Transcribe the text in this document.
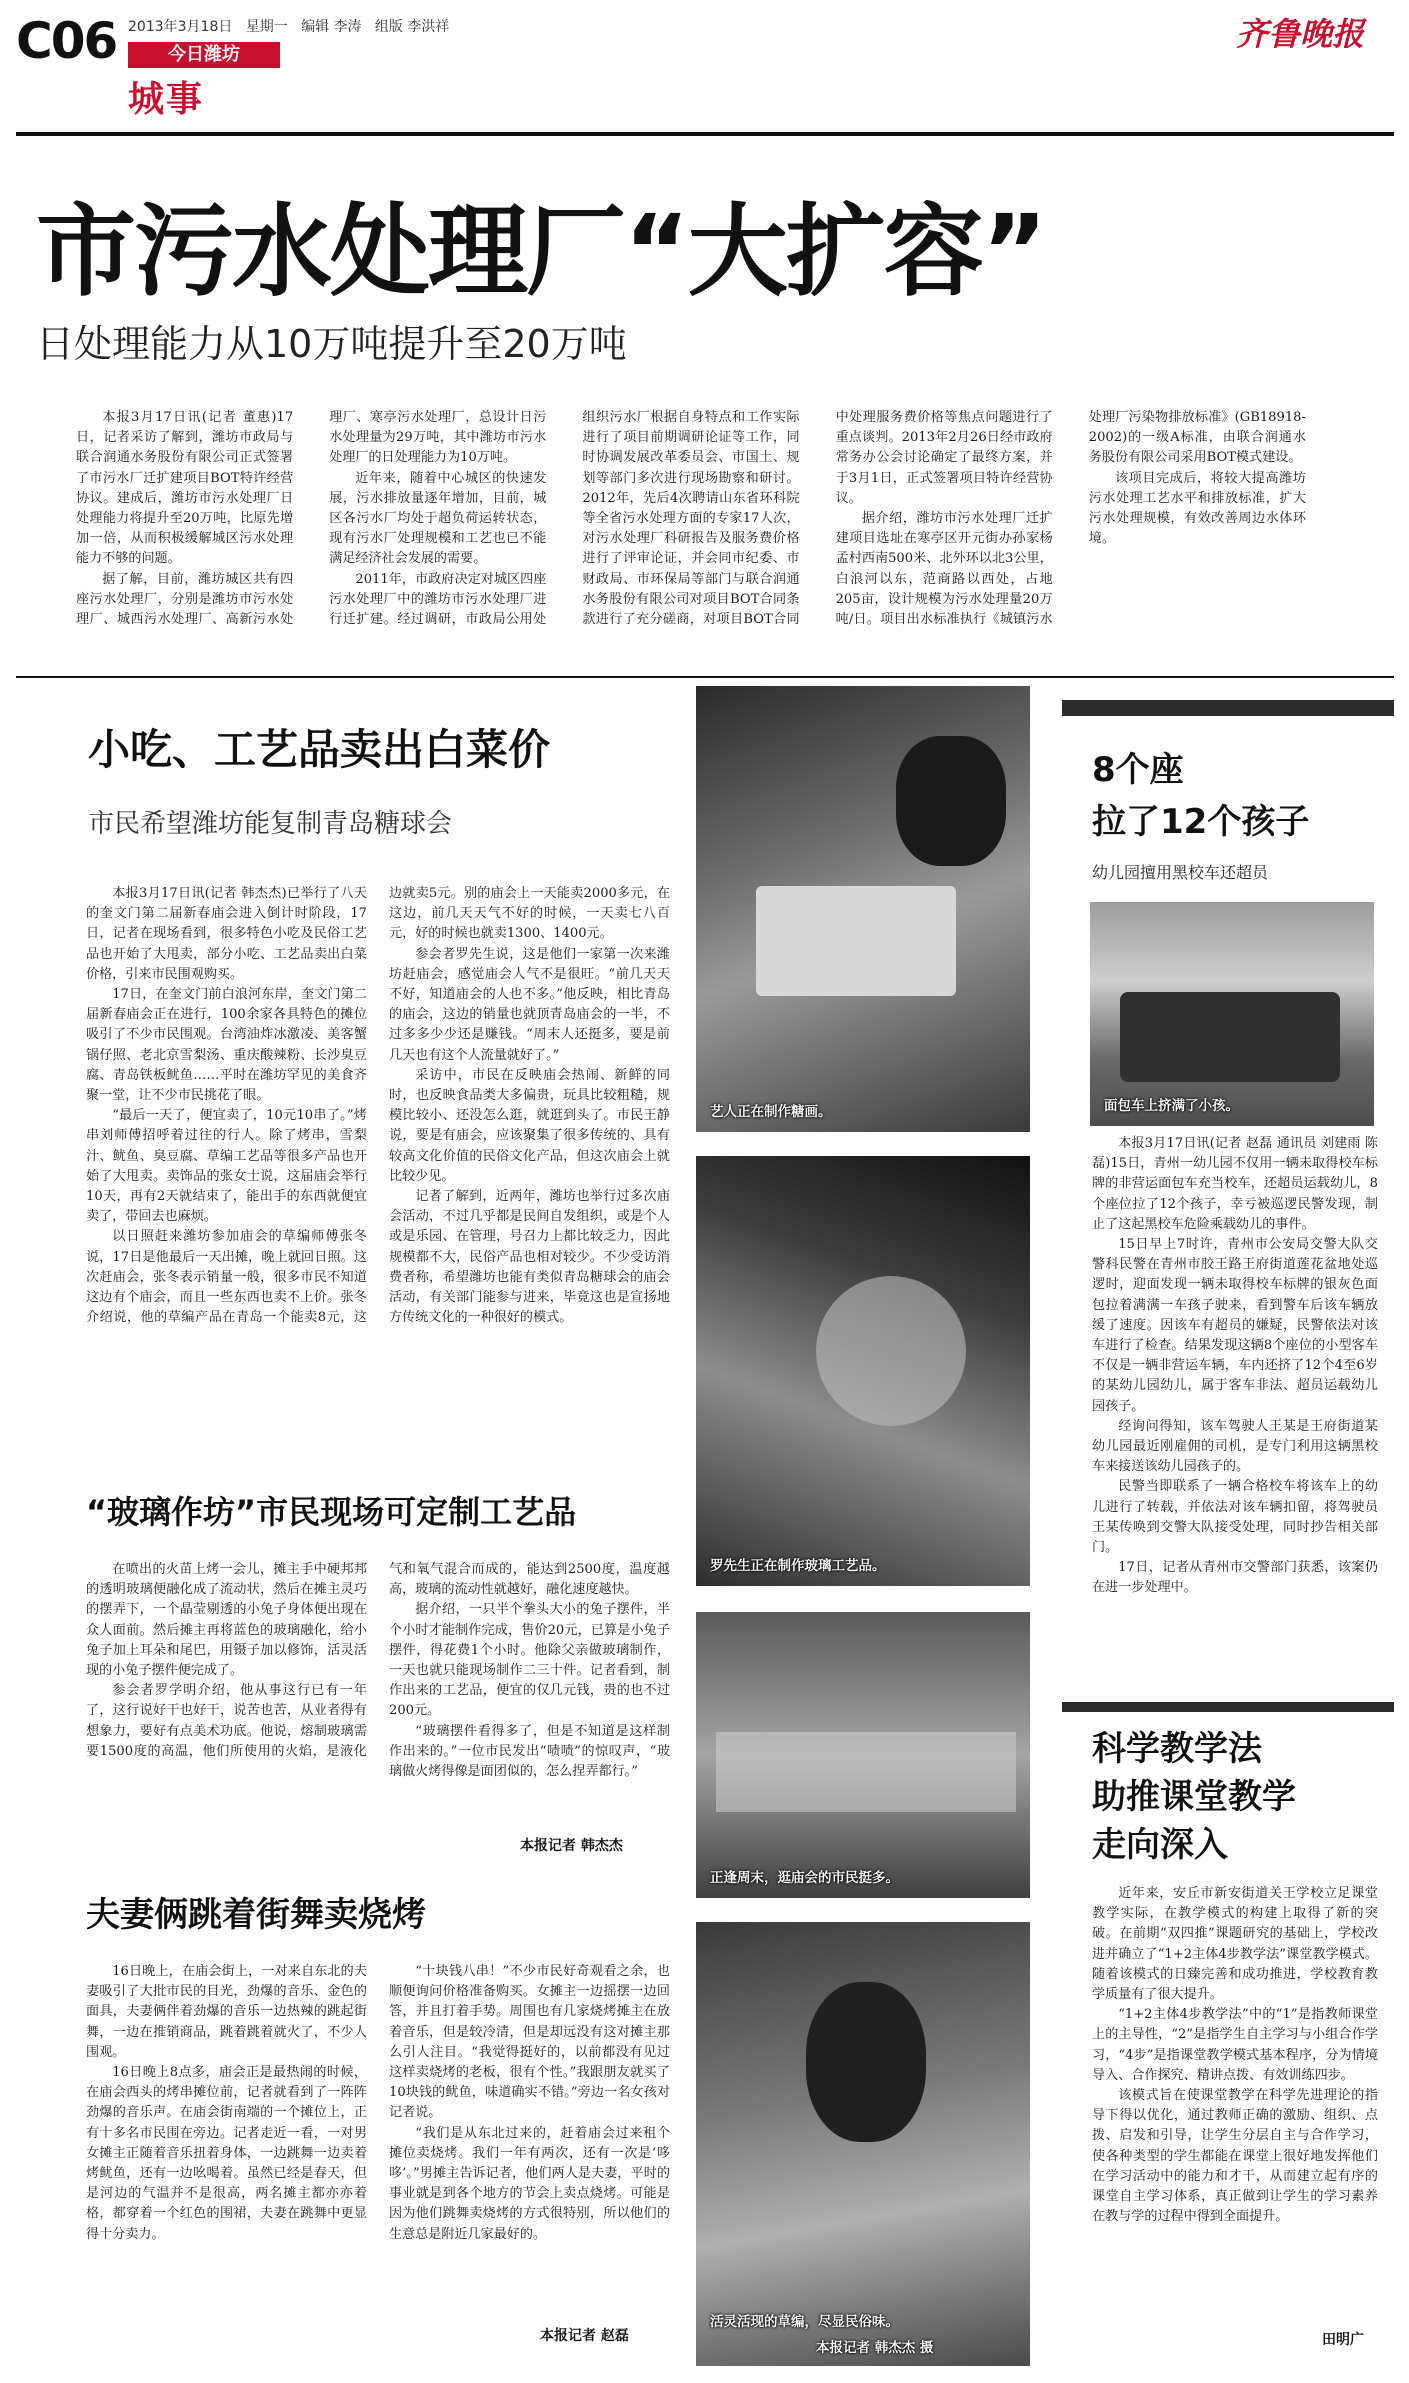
C06 2013年3月18日 星期一 编辑 李涛 组版 李洪祥
今日潍坊
城事
齐鲁晚报
市污水处理厂“大扩容”
日处理能力从10万吨提升至20万吨

本报3月17日讯(记者 董惠)17日，记者采访了解到，潍坊市政局与联合润通水务股份有限公司正式签署了市污水厂迁扩建项目BOT特许经营协议。建成后，潍坊市污水处理厂日处理能力将提升至20万吨，比原先增加一倍，从而积极缓解城区污水处理能力不够的问题。

据了解，目前，潍坊城区共有四座污水处理厂，分别是潍坊市污水处理厂、城西污水处理厂、高新污水处理厂、寒亭污水处理厂，总设计日污水处理量为29万吨，其中潍坊市污水处理厂的日处理能力为10万吨。

近年来，随着中心城区的快速发展，污水排放量逐年增加，目前，城区各污水厂均处于超负荷运转状态，现有污水厂处理规模和工艺也已不能满足经济社会发展的需要。

2011年，市政府决定对城区四座污水处理厂中的潍坊市污水处理厂进行迁扩建。经过调研，市政局公用处组织污水厂根据自身特点和工作实际进行了项目前期调研论证等工作，同时协调发展改革委员会、市国土、规划等部门多次进行现场勘察和研讨。2012年，先后4次聘请山东省环科院等全省污水处理方面的专家17人次，对污水处理厂科研报告及服务费价格进行了评审论证，并会同市纪委、市财政局、市环保局等部门与联合润通水务股份有限公司对项目BOT合同条款进行了充分磋商，对项目BOT合同中处理服务费价格等焦点问题进行了重点谈判。2013年2月26日经市政府常务办公会讨论确定了最终方案，并于3月1日，正式签署项目特许经营协议。

据介绍，潍坊市污水处理厂迁扩建项目选址在寒亭区开元街办孙家杨孟村西南500米、北外环以北3公里，白浪河以东，范商路以西处，占地205亩，设计规模为污水处理量20万吨/日。项目出水标准执行《城镇污水处理厂污染物排放标准》(GB18918-2002)的一级A标准，由联合润通水务股份有限公司采用BOT模式建设。

该项目完成后，将较大提高潍坊污水处理工艺水平和排放标准，扩大污水处理规模，有效改善周边水体环境。

小吃、工艺品卖出白菜价
市民希望潍坊能复制青岛糖球会

本报3月17日讯(记者 韩杰杰)已举行了八天的奎文门第二届新春庙会进入倒计时阶段，17日，记者在现场看到，很多特色小吃及民俗工艺品也开始了大甩卖，部分小吃、工艺品卖出白菜价格，引来市民围观购买。

17日，在奎文门前白浪河东岸，奎文门第二届新春庙会正在进行，100余家各具特色的摊位吸引了不少市民围观。台湾油炸冰激凌、美客蟹锅仔照、老北京雪梨汤、重庆酸辣粉、长沙臭豆腐、青岛铁板鱿鱼……平时在潍坊罕见的美食齐聚一堂，让不少市民挑花了眼。

“最后一天了，便宜卖了，10元10串了。”烤串刘师傅招呼着过往的行人。除了烤串，雪梨汁、鱿鱼、臭豆腐、草编工艺品等很多产品也开始了大甩卖。卖饰品的张女士说，这届庙会举行10天，再有2天就结束了，能出手的东西就便宜卖了，带回去也麻烦。

以日照赶来潍坊参加庙会的草编师傅张冬说，17日是他最后一天出摊，晚上就回日照。这次赶庙会，张冬表示销量一般，很多市民不知道这边有个庙会，而且一些东西也卖不上价。张冬介绍说，他的草编产品在青岛一个能卖8元，这边就卖5元。别的庙会上一天能卖2000多元，在这边，前几天天气不好的时候，一天卖七八百元，好的时候也就卖1300、1400元。

参会者罗先生说，这是他们一家第一次来潍坊赶庙会，感觉庙会人气不是很旺。“前几天天不好，知道庙会的人也不多。”他反映，相比青岛的庙会，这边的销量也就顶青岛庙会的一半，不过多多少少还是赚钱。“周末人还挺多，要是前几天也有这个人流量就好了。”

采访中，市民在反映庙会热闹、新鲜的同时，也反映食品类大多偏贵，玩具比较粗糙，规模比较小、还没怎么逛，就逛到头了。市民王静说，要是有庙会，应该聚集了很多传统的、具有较高文化价值的民俗文化产品，但这次庙会上就比较少见。

记者了解到，近两年，潍坊也举行过多次庙会活动，不过几乎都是民间自发组织，或是个人或是乐园、在管理，号召力上都比较乏力，因此规模都不大，民俗产品也相对较少。不少受访消费者称，希望潍坊也能有类似青岛糖球会的庙会活动，有关部门能参与进来，毕竟这也是宣扬地方传统文化的一种很好的模式。

“玻璃作坊”市民现场可定制工艺品

在喷出的火苗上烤一会儿，摊主手中硬邦邦的透明玻璃便融化成了流动状，然后在摊主灵巧的摆弄下，一个晶莹剔透的小兔子身体便出现在众人面前。然后摊主再将蓝色的玻璃融化，给小兔子加上耳朵和尾巴，用镊子加以修饰，活灵活现的小兔子摆件便完成了。

参会者罗学明介绍，他从事这行已有一年了，这行说好干也好干，说苦也苦，从业者得有想象力，要好有点美术功底。他说，熔制玻璃需要1500度的高温，他们所使用的火焰，是液化气和氧气混合而成的，能达到2500度，温度越高，玻璃的流动性就越好，融化速度越快。

据介绍，一只半个拳头大小的兔子摆件，半个小时才能制作完成，售价20元，已算是小兔子摆件，得花费1个小时。他除父亲做玻璃制作，一天也就只能现场制作二三十件。记者看到，制作出来的工艺品，便宜的仅几元钱，贵的也不过200元。

“玻璃摆件看得多了，但是不知道是这样制作出来的。”一位市民发出“啧啧”的惊叹声，“玻璃做火烤得像是面团似的，怎么捏弄都行。”

本报记者 韩杰杰
夫妻俩跳着街舞卖烧烤

16日晚上，在庙会街上，一对来自东北的夫妻吸引了大批市民的目光，劲爆的音乐、金色的面具，夫妻俩伴着劲爆的音乐一边热辣的跳起街舞，一边在推销商品，跳着跳着就火了，不少人围观。

16日晚上8点多，庙会正是最热闹的时候，在庙会西头的烤串摊位前，记者就看到了一阵阵劲爆的音乐声。在庙会街南端的一个摊位上，正有十多名市民围在旁边。记者走近一看，一对男女摊主正随着音乐扭着身体，一边跳舞一边卖着烤鱿鱼，还有一边吆喝着。虽然已经是春天，但是河边的气温并不是很高，两名摊主都亦亦着格，都穿着一个红色的围裙，夫妻在跳舞中更显得十分卖力。

“十块钱八串！”不少市民好奇观看之余，也顺便询问价格准备购买。女摊主一边摇摆一边回答，并且打着手势。周围也有几家烧烤摊主在放着音乐，但是较冷清，但是却远没有这对摊主那么引人注目。“我觉得挺好的，以前都没有见过这样卖烧烤的老板，很有个性。”我跟朋友就买了10块钱的鱿鱼，味道确实不错。”旁边一名女孩对记者说。

“我们是从东北过来的，赶着庙会过来租个摊位卖烧烤。我们一年有两次，还有一次是‘哆哆’。”男摊主告诉记者，他们两人是夫妻，平时的事业就是到各个地方的节会上卖点烧烤。可能是因为他们跳舞卖烧烤的方式很特别，所以他们的生意总是附近几家最好的。

本报记者 赵磊
艺人正在制作糖画。
罗先生正在制作玻璃工艺品。
正逢周末，逛庙会的市民挺多。
活灵活现的草编，尽显民俗味。
本报记者 韩杰杰 摄
8个座
拉了12个孩子
幼儿园擅用黑校车还超员
面包车上挤满了小孩。

本报3月17日讯(记者 赵磊 通讯员 刘建雨 陈磊)15日，青州一幼儿园不仅用一辆未取得校车标牌的非营运面包车充当校车，还超员运载幼儿，8个座位拉了12个孩子，幸亏被巡逻民警发现，制止了这起黑校车危险乘载幼儿的事件。

15日早上7时许，青州市公安局交警大队交警科民警在青州市胶王路王府街道莲花盆地处巡逻时，迎面发现一辆未取得校车标牌的银灰色面包拉着满满一车孩子驶来，看到警车后该车辆放缓了速度。因该车有超员的嫌疑，民警依法对该车进行了检查。结果发现这辆8个座位的小型客车不仅是一辆非营运车辆，车内还挤了12个4至6岁的某幼儿园幼儿，属于客车非法、超员运载幼儿园孩子。

经询问得知，该车驾驶人王某是王府街道某幼儿园最近刚雇佣的司机，是专门利用这辆黑校车来接送该幼儿园孩子的。

民警当即联系了一辆合格校车将该车上的幼儿进行了转载，并依法对该车辆扣留，将驾驶员王某传唤到交警大队接受处理，同时抄告相关部门。

17日，记者从青州市交警部门获悉，该案仍在进一步处理中。

科学教学法
助推课堂教学
走向深入

近年来，安丘市新安街道关王学校立足课堂教学实际，在教学模式的构建上取得了新的突破。在前期“双四推”课题研究的基础上，学校改进并确立了“1+2主体4步教学法”课堂教学模式。随着该模式的日臻完善和成功推进，学校教育教学质量有了很大提升。

“1+2主体4步教学法”中的“1”是指教师课堂上的主导性，“2”是指学生自主学习与小组合作学习，“4步”是指课堂教学模式基本程序，分为情境导入、合作探究、精讲点拨、有效训练四步。

该模式旨在使课堂教学在科学先进理论的指导下得以优化，通过教师正确的激励、组织、点拨、启发和引导，让学生分层自主与合作学习，使各种类型的学生都能在课堂上很好地发挥他们在学习活动中的能力和才干，从而建立起有序的课堂自主学习体系，真正做到让学生的学习素养在教与学的过程中得到全面提升。

田明广
